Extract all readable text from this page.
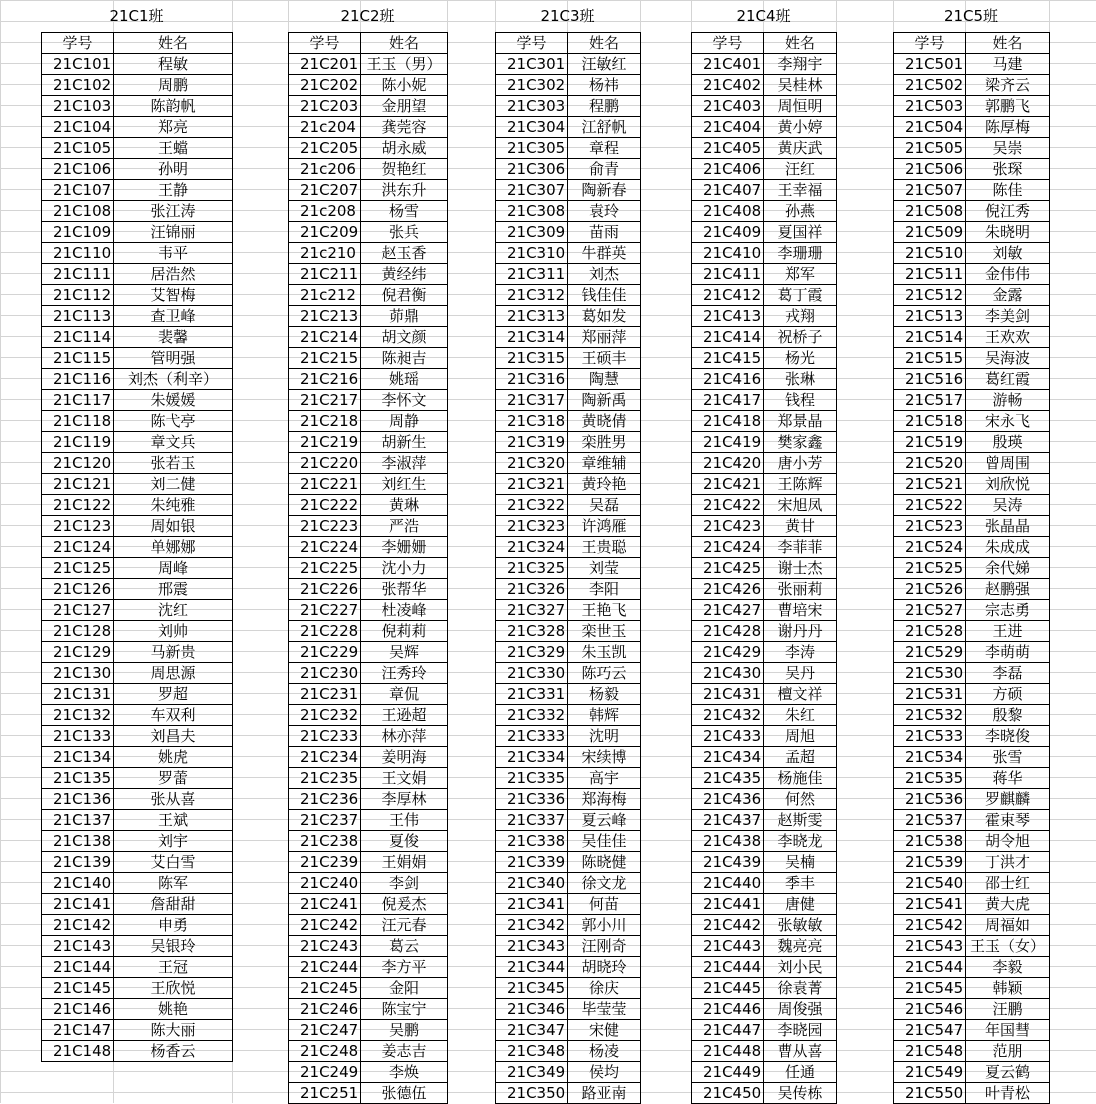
21C1班
学号	姓名
21C101	程敏
21C102	周鹏
21C103	陈韵帆
21C104	郑亮
21C105	王蟷
21C106	孙明
21C107	王静
21C108	张江涛
21C109	汪锦丽
21C110	韦平
21C111	居浩然
21C112	艾智梅
21C113	查卫峰
21C114	裴馨
21C115	管明强
21C116	刘杰（利辛）
21C117	朱媛媛
21C118	陈弋亭
21C119	章文兵
21C120	张若玉
21C121	刘二健
21C122	朱纯雅
21C123	周如银
21C124	单娜娜
21C125	周峰
21C126	邢震
21C127	沈红
21C128	刘帅
21C129	马新贵
21C130	周思源
21C131	罗超
21C132	车双利
21C133	刘昌夫
21C134	姚虎
21C135	罗蕾
21C136	张从喜
21C137	王斌
21C138	刘宇
21C139	艾白雪
21C140	陈军
21C141	詹甜甜
21C142	申勇
21C143	吴银玲
21C144	王冠
21C145	王欣悦
21C146	姚艳
21C147	陈大丽
21C148	杨香云
21C2班
学号	姓名
21C201	王玉（男）
21C202	陈小妮
21C203	金朋望
21c204	龚莞容
21C205	胡永威
21c206	贺艳红
21C207	洪东升
21c208	杨雪
21C209	张兵
21c210	赵玉香
21C211	黄经纬
21c212	倪君衡
21C213	茆鼎
21C214	胡文颜
21C215	陈昶吉
21C216	姚瑶
21C217	李怀文
21C218	周静
21C219	胡新生
21C220	李淑萍
21C221	刘红生
21C222	黄琳
21C223	严浩
21C224	李姗姗
21C225	沈小力
21C226	张帮华
21C227	杜凌峰
21C228	倪莉莉
21C229	吴辉
21C230	汪秀玲
21C231	章侃
21C232	王逊超
21C233	林亦萍
21C234	姜明海
21C235	王文娟
21C236	李厚林
21C237	王伟
21C238	夏俊
21C239	王娟娟
21C240	李剑
21C241	倪爰杰
21C242	汪元春
21C243	葛云
21C244	李方平
21C245	金阳
21C246	陈宝宁
21C247	吴鹏
21C248	姜志吉
21C249	李焕
21C251	张德伍
21C3班
学号	姓名
21C301	汪敏红
21C302	杨祎
21C303	程鹏
21C304	江舒帆
21C305	章程
21C306	俞青
21C307	陶新春
21C308	袁玲
21C309	苗雨
21C310	牛群英
21C311	刘杰
21C312	钱佳佳
21C313	葛如发
21C314	郑丽萍
21C315	王硕丰
21C316	陶慧
21C317	陶新禹
21C318	黄晓倩
21C319	栾胜男
21C320	章维辅
21C321	黄玲艳
21C322	吴磊
21C323	许鸿雁
21C324	王贵聪
21C325	刘莹
21C326	李阳
21C327	王艳飞
21C328	栾世玉
21C329	朱玉凯
21C330	陈巧云
21C331	杨毅
21C332	韩辉
21C333	沈明
21C334	宋续博
21C335	高宇
21C336	郑海梅
21C337	夏云峰
21C338	吴佳佳
21C339	陈晓健
21C340	徐文龙
21C341	何苗
21C342	郭小川
21C343	汪刚奇
21C344	胡晓玲
21C345	徐庆
21C346	毕莹莹
21C347	宋健
21C348	杨凌
21C349	侯均
21C350	路亚南
21C4班
学号	姓名
21C401	李翔宇
21C402	吴桂林
21C403	周恒明
21C404	黄小婷
21C405	黄庆武
21C406	汪红
21C407	王幸福
21C408	孙燕
21C409	夏国祥
21C410	李珊珊
21C411	郑军
21C412	葛丁霞
21C413	戎翔
21C414	祝桥子
21C415	杨光
21C416	张琳
21C417	钱程
21C418	郑景晶
21C419	樊家鑫
21C420	唐小芳
21C421	王陈辉
21C422	宋旭凤
21C423	黄甘
21C424	李菲菲
21C425	谢士杰
21C426	张丽莉
21C427	曹培宋
21C428	谢丹丹
21C429	李涛
21C430	吴丹
21C431	檀文祥
21C432	朱红
21C433	周旭
21C434	孟超
21C435	杨施佳
21C436	何然
21C437	赵斯雯
21C438	李晓龙
21C439	吴楠
21C440	季丰
21C441	唐健
21C442	张敏敏
21C443	魏亮亮
21C444	刘小民
21C445	徐袁菁
21C446	周俊强
21C447	李晓园
21C448	曹从喜
21C449	任通
21C450	吴传栋
21C5班
学号	姓名
21C501	马建
21C502	梁齐云
21C503	郭鹏飞
21C504	陈厚梅
21C505	吴崇
21C506	张琛
21C507	陈佳
21C508	倪江秀
21C509	朱晓明
21C510	刘敏
21C511	金伟伟
21C512	金露
21C513	李美剑
21C514	王欢欢
21C515	吴海波
21C516	葛红霞
21C517	游畅
21C518	宋永飞
21C519	殷瑛
21C520	曾周围
21C521	刘欣悦
21C522	吴涛
21C523	张晶晶
21C524	朱成成
21C525	余代娣
21C526	赵鹏强
21C527	宗志勇
21C528	王进
21C529	李萌萌
21C530	李磊
21C531	方硕
21C532	殷黎
21C533	李晓俊
21C534	张雪
21C535	蒋华
21C536	罗麒麟
21C537	霍束琴
21C538	胡令旭
21C539	丁洪才
21C540	邵士红
21C541	黄大虎
21C542	周福如
21C543	王玉（女）
21C544	李毅
21C545	韩颖
21C546	汪鹏
21C547	年国彗
21C548	范朋
21C549	夏云鹤
21C550	叶青松
